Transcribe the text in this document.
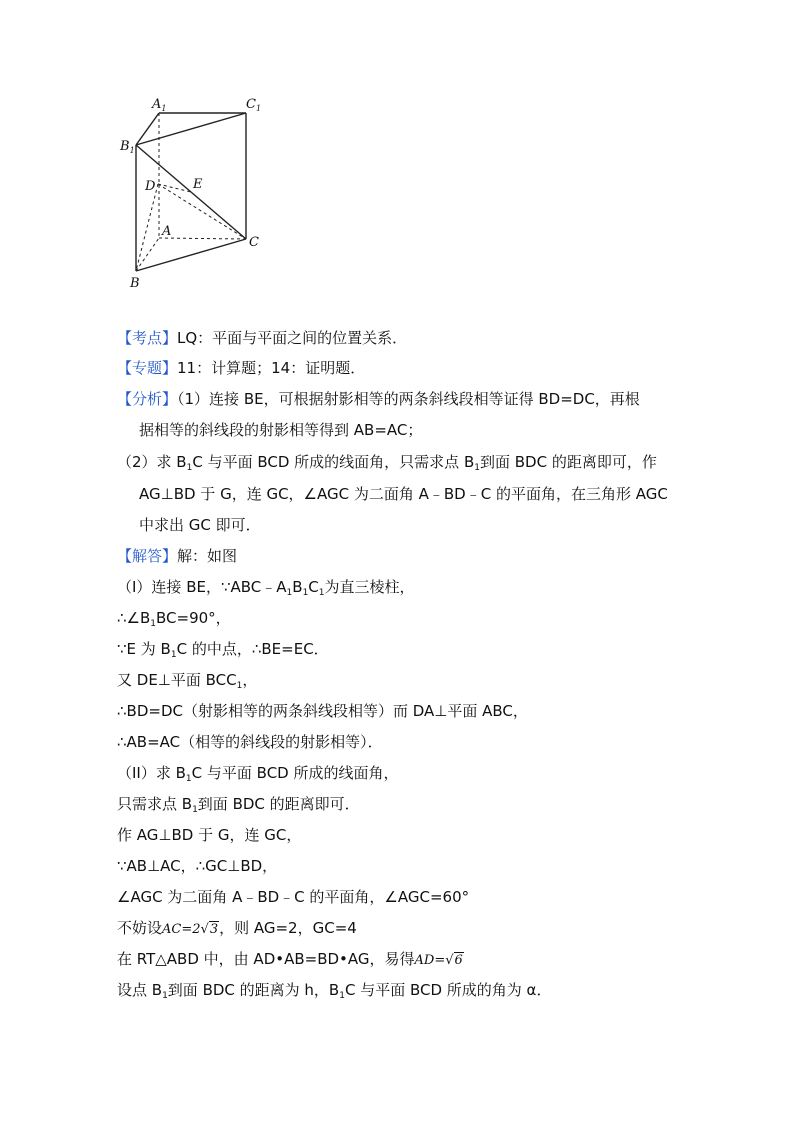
$A_1$	$C_1$
$B_1$
D	E
A
C
B
【考点】LQ：平面与平面之间的位置关系．
【专题】11：计算题；14：证明题．
【分析】（1）连接 BE，可根据射影相等的两条斜线段相等证得 BD=DC，再根
据相等的斜线段的射影相等得到 AB=AC；
（2）求 $B_1C$ 与平面 BCD 所成的线面角，只需求点 $B_1$到面 BDC 的距离即可，作
AG⊥BD 于 G，连 GC，∠AGC 为二面角 A﹣BD﹣C 的平面角，在三角形 AGC
中求出 GC 即可．
【解答】解：如图
（I）连接 BE，$\because ABC﹣A_1B_1C_1$为直三棱柱，
$\therefore\angle B_1BC=90^\circ$，
∵E 为 $B_1C$ 的中点，∴BE=EC．
又 DE⊥平面 $BCC_1$，
∴BD=DC（射影相等的两条斜线段相等）而 DA⊥平面 ABC，
∴AB=AC（相等的斜线段的射影相等）．
（II）求 $B_1C$ 与平面 BCD 所成的线面角，
只需求点 $B_1$到面 BDC 的距离即可．
作 AG⊥BD 于 G，连 GC，
∵AB⊥AC，∴GC⊥BD，
∠AGC 为二面角 A﹣BD﹣C 的平面角，∠AGC=60°
不妨设AC=2√3，则 AG=2，GC=4
在 RT△ABD 中，由 AD•AB=BD•AG，易得AD=√6
设点 $B_1$到面 BDC 的距离为 h，$B_1C$ 与平面 BCD 所成的角为 α．
